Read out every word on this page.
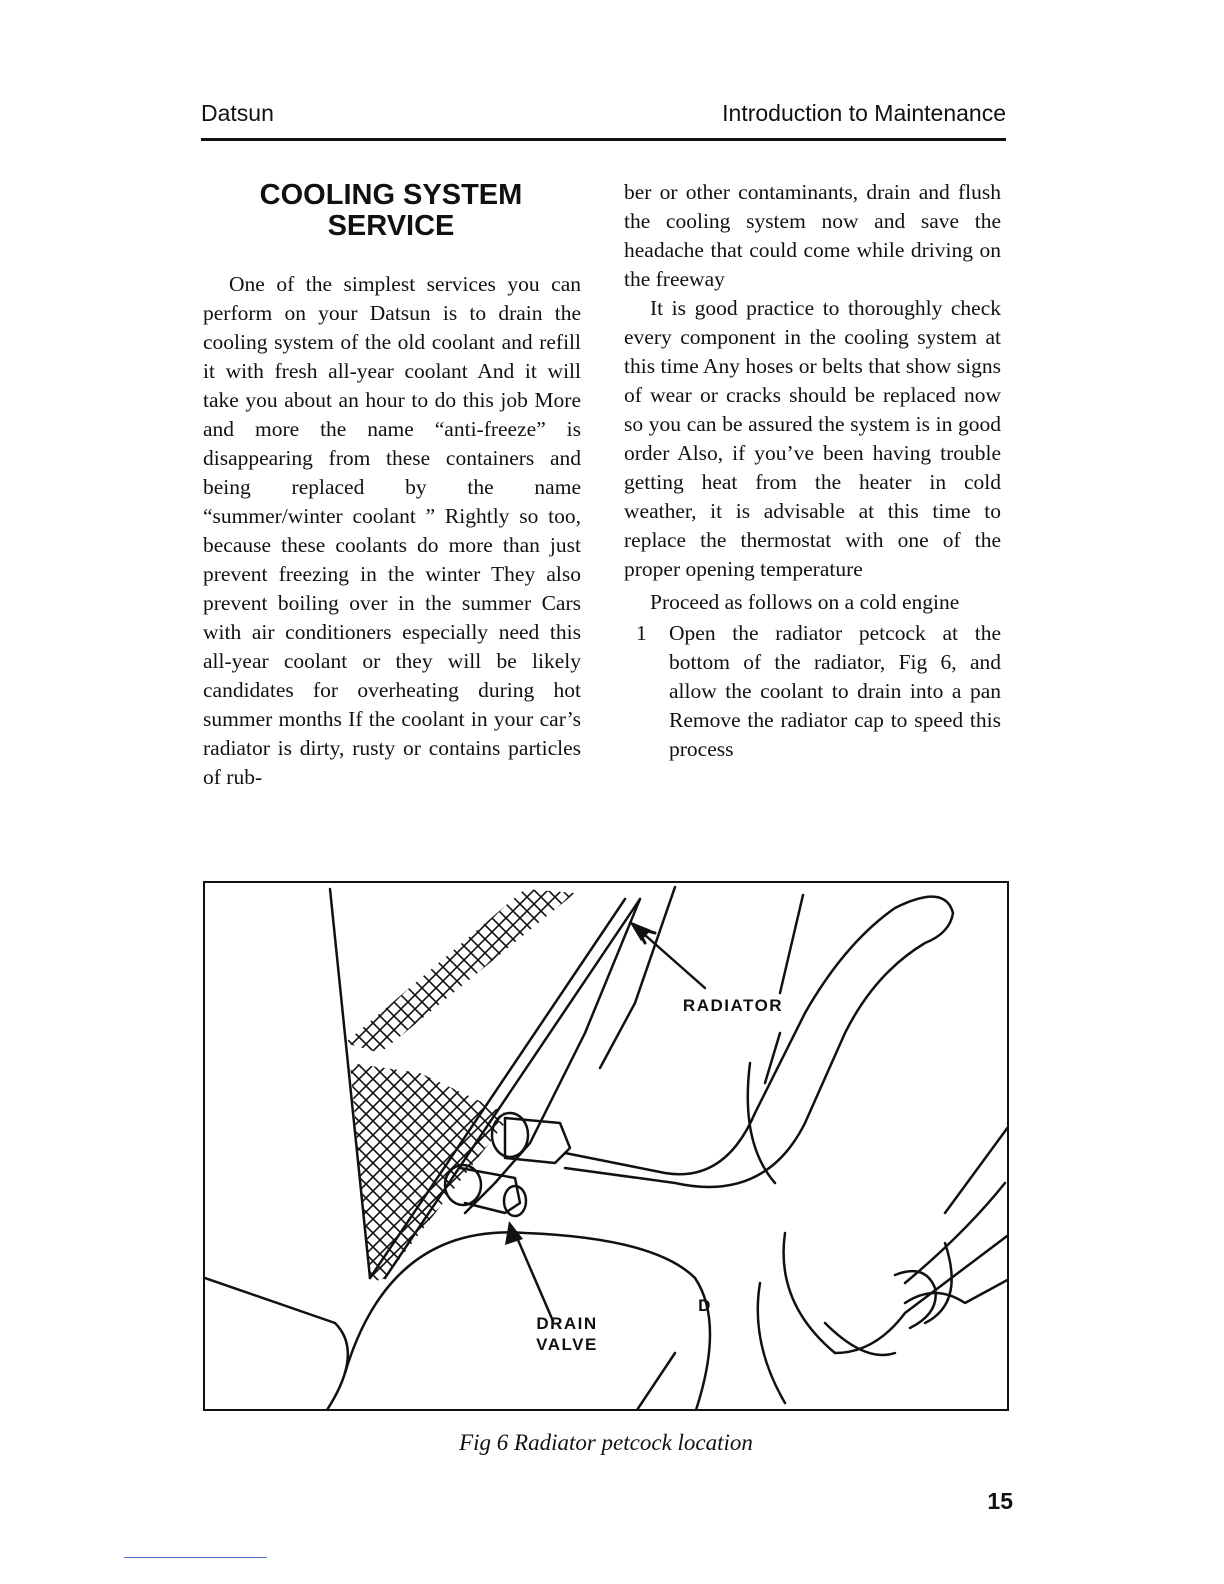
Datsun	Introduction to Maintenance
COOLING SYSTEM
SERVICE

One of the simplest services you can perform on your Datsun is to drain the cooling system of the old coolant and refill it with fresh all-year coolant And it will take you about an hour to do this job More and more the name “anti-freeze” is disappearing from these containers and being replaced by the name “summer/winter coolant ” Rightly so too, because these coolants do more than just prevent freezing in the winter They also prevent boiling over in the summer Cars with air conditioners especially need this all-year coolant or they will be likely candidates for overheating during hot summer months If the coolant in your car’s radiator is dirty, rusty or contains particles of rub-

ber or other contaminants, drain and flush the cooling system now and save the headache that could come while driving on the freeway

It is good practice to thoroughly check every component in the cooling system at this time Any hoses or belts that show signs of wear or cracks should be replaced now so you can be assured the system is in good order Also, if you’ve been having trouble getting heat from the heater in cold weather, it is advisable at this time to replace the thermostat with one of the proper opening temperature

Proceed as follows on a cold engine

1 Open the radiator petcock at the bottom of the radiator, Fig 6, and allow the coolant to drain into a pan Remove the radiator cap to speed this process

D
RADIATOR
DRAIN
VALVE
Fig 6 Radiator petcock location
15
